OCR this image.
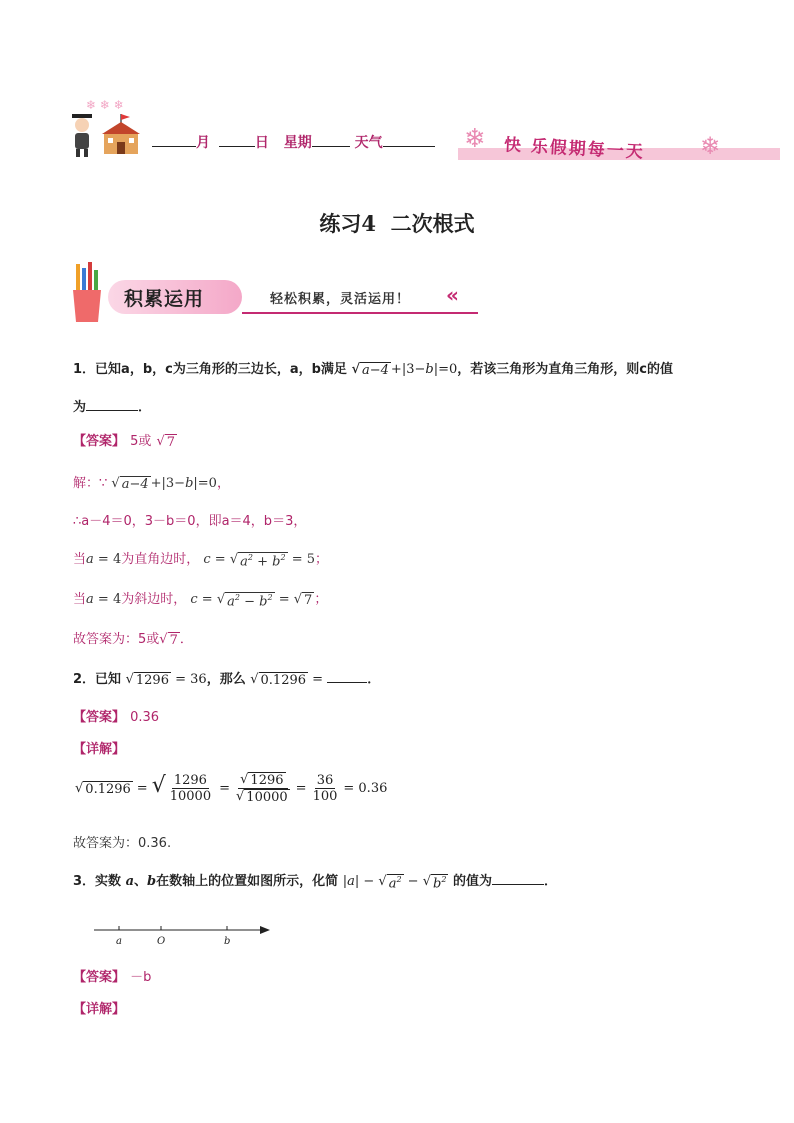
❄ ❄ ❄
月	日 星期	天气	❄ 快 乐假期每一天 ❄
练习4  二次根式
积累运用	轻松积累，灵活运用！ «
1．已知a，b，c为三角形的三边长，a，b满足 √ a−4 +|3−b|=0，若该三角形为直角三角形，则c的值
为	．
【答案】 5或 √ 7
解：∵ √ a−4 +|3−b|=0，
∴a－4＝0，3－b＝0，即a＝4，b＝3，
当a = 4为直角边时， c = √ $a^2 + b^2 = 5$；
当a = 4为斜边时， c = √ $a^2 - b^2$ = √ 7 ；
故答案为：5或 √ 7 ．
2．已知 √ 1296 = 36，那么 √ 0.1296 =	．
【答案】 0.36
【详解】
√ 0.1296 = √ $\frac{1296}{10000} = \frac{√ 1296}{√ 10000} = \frac{36}{100} = 0.36$
故答案为：0.36.
3．实数 a、b在数轴上的位置如图所示，化简 |a| − √ $a^2$ − √ $b^2$ 的值为	．
a	O	b
【答案】 －b
【详解】
